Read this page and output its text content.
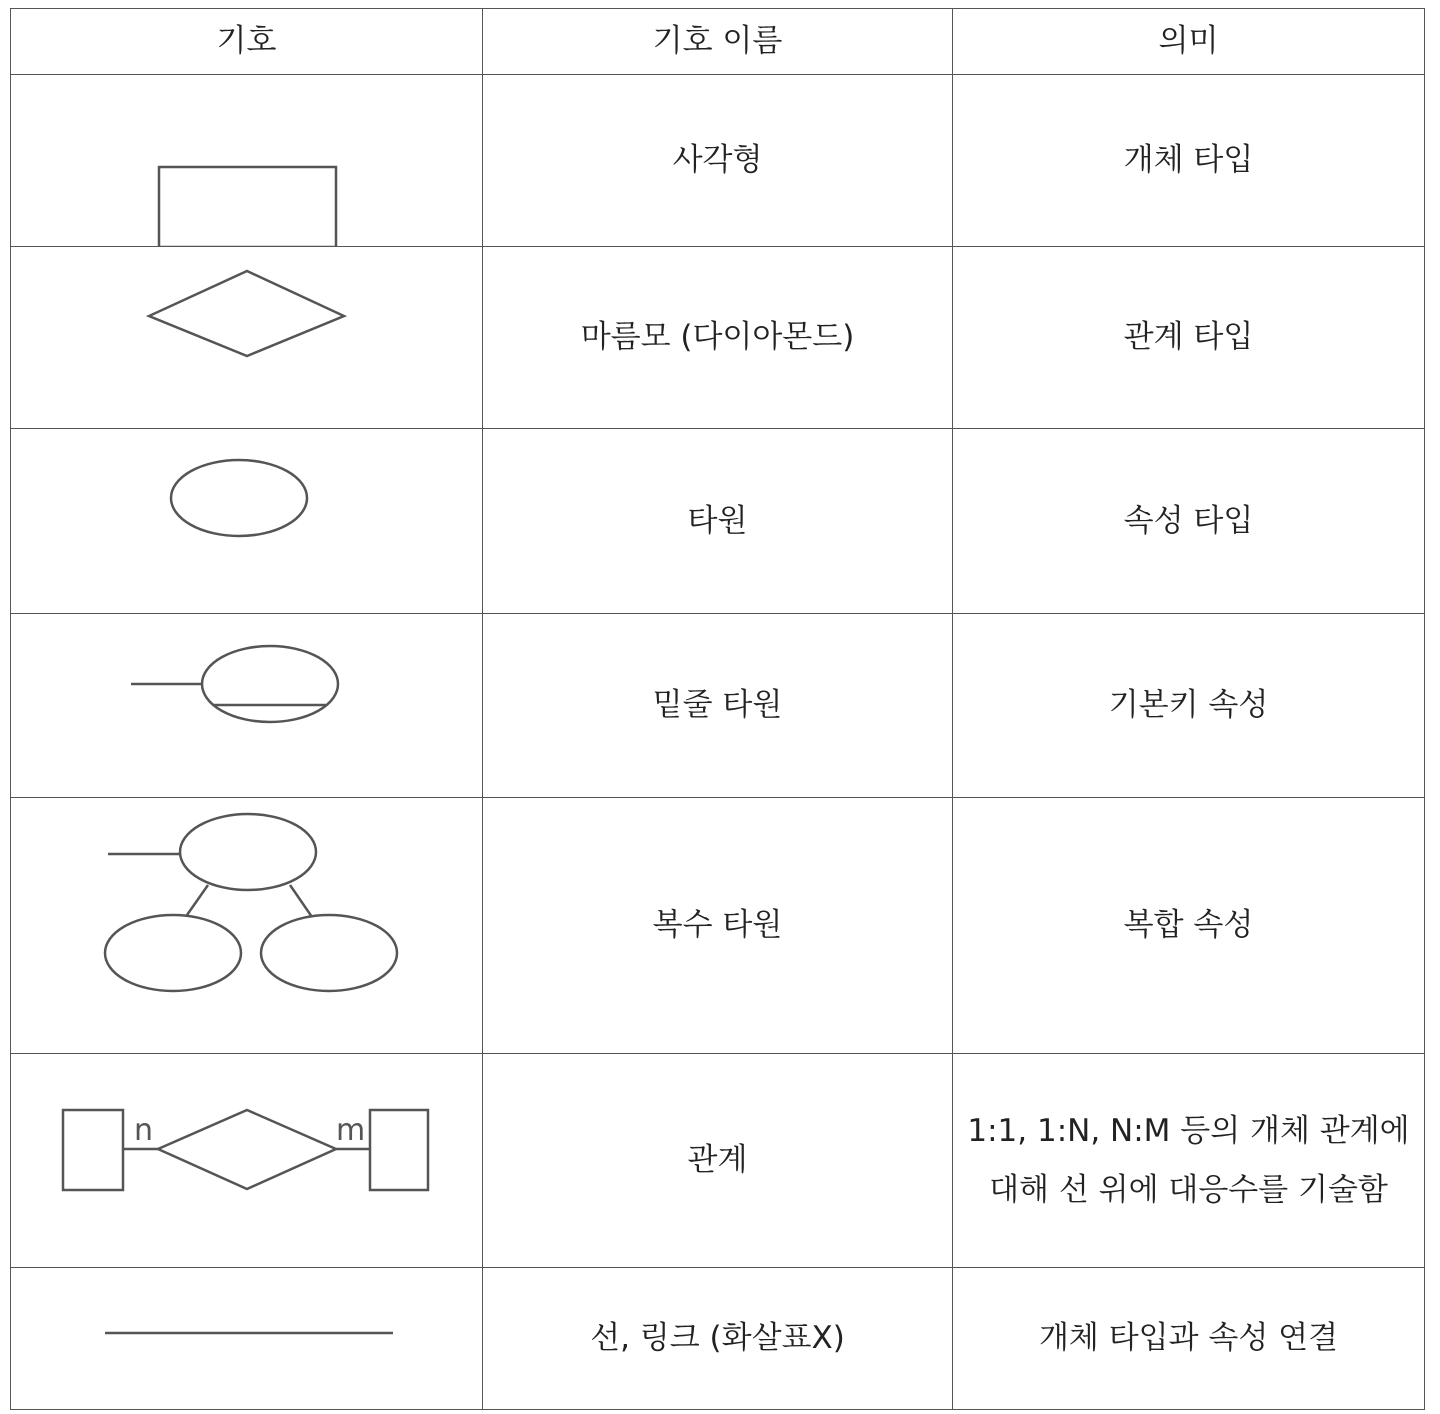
기호	기호 이름	의미

	사각형	개체 타입

	마름모 (다이아몬드)	관계 타입

	타원	속성 타입

	밑줄 타원	기본키 속성

	복수 타원	복합 속성

n m	관계	1:1, 1:N, N:M 등의 개체 관계에 대해 선 위에 대응수를 기술함

	선, 링크 (화살표X)	개체 타입과 속성 연결
